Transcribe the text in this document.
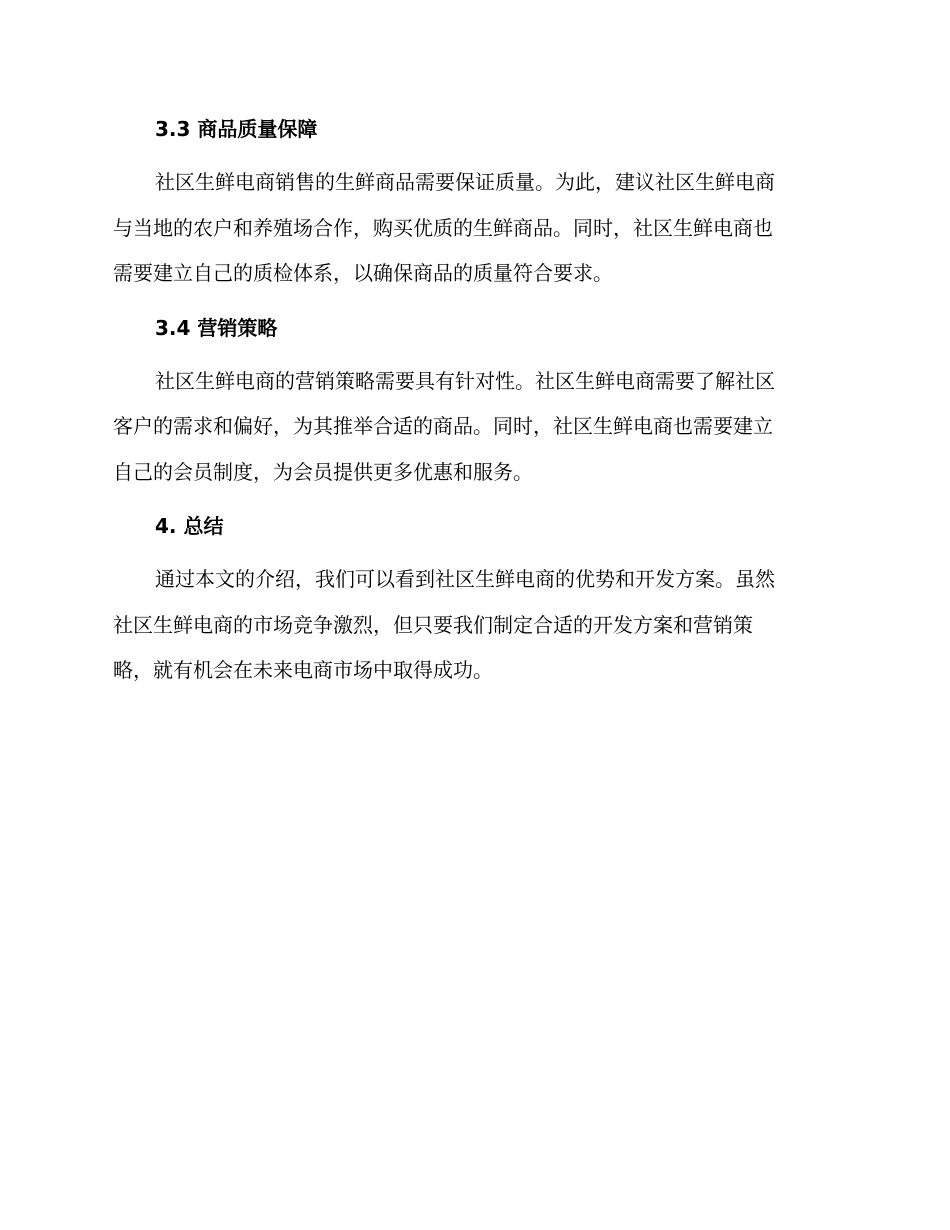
3.3 商品质量保障
社区生鲜电商销售的生鲜商品需要保证质量。为此，建议社区生鲜电商
与当地的农户和养殖场合作，购买优质的生鲜商品。同时，社区生鲜电商也
需要建立自己的质检体系，以确保商品的质量符合要求。
3.4 营销策略
社区生鲜电商的营销策略需要具有针对性。社区生鲜电商需要了解社区
客户的需求和偏好，为其推举合适的商品。同时，社区生鲜电商也需要建立
自己的会员制度，为会员提供更多优惠和服务。
4. 总结
通过本文的介绍，我们可以看到社区生鲜电商的优势和开发方案。虽然
社区生鲜电商的市场竞争激烈，但只要我们制定合适的开发方案和营销策
略，就有机会在未来电商市场中取得成功。
